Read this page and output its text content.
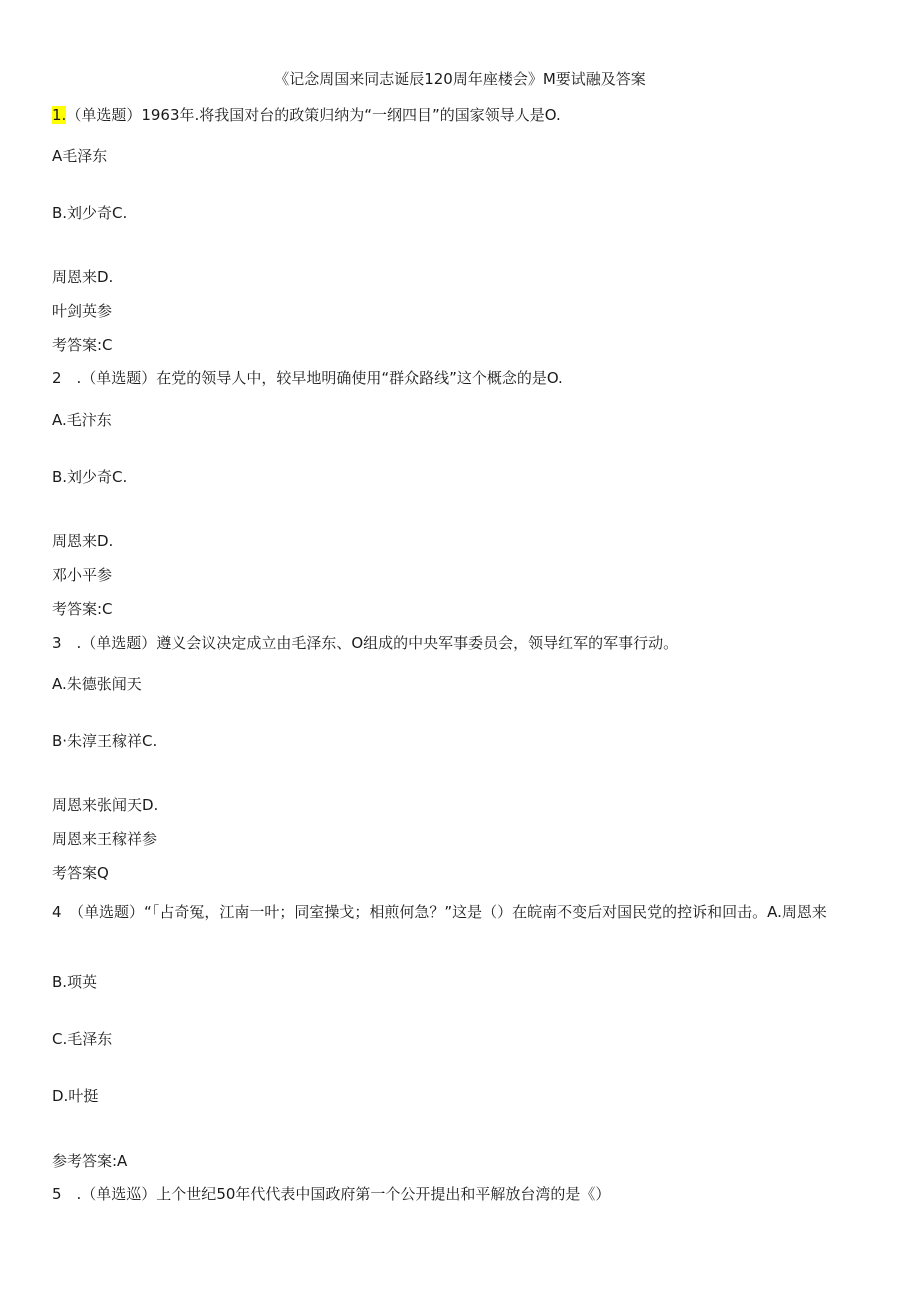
《记念周国来同志诞辰120周年座楼会》M要试融及答案
1.（单选题）1963年.将我国对台的政策归纳为“一纲四目”的国家领导人是O.
A毛泽东
B.刘少奇C.
周恩来D.
叶剑英参
考答案:C
2　.（单选题）在党的领导人中，较早地明确使用“群众路线”这个概念的是O.
A.毛汴东
B.刘少奇C.
周恩来D.
邓小平参
考答案:C
3　.（单选题）遵义会议决定成立由毛泽东、O组成的中央军事委员会，领导红军的军事行动。
A.朱德张闻天
B·朱淳王稼祥C.
周恩来张闻天D.
周恩来王稼祥参
考答案Q
4　（单选题）“「占奇冤，江南一叶；同室操戈；相煎何急？”这是（）在皖南不变后对国民党的控诉和回击。A.周恩来
B.项英
C.毛泽东
D.叶挺
参考答案:A
5　.（单选巡）上个世纪50年代代表中国政府第一个公开提出和平解放台湾的是《）
